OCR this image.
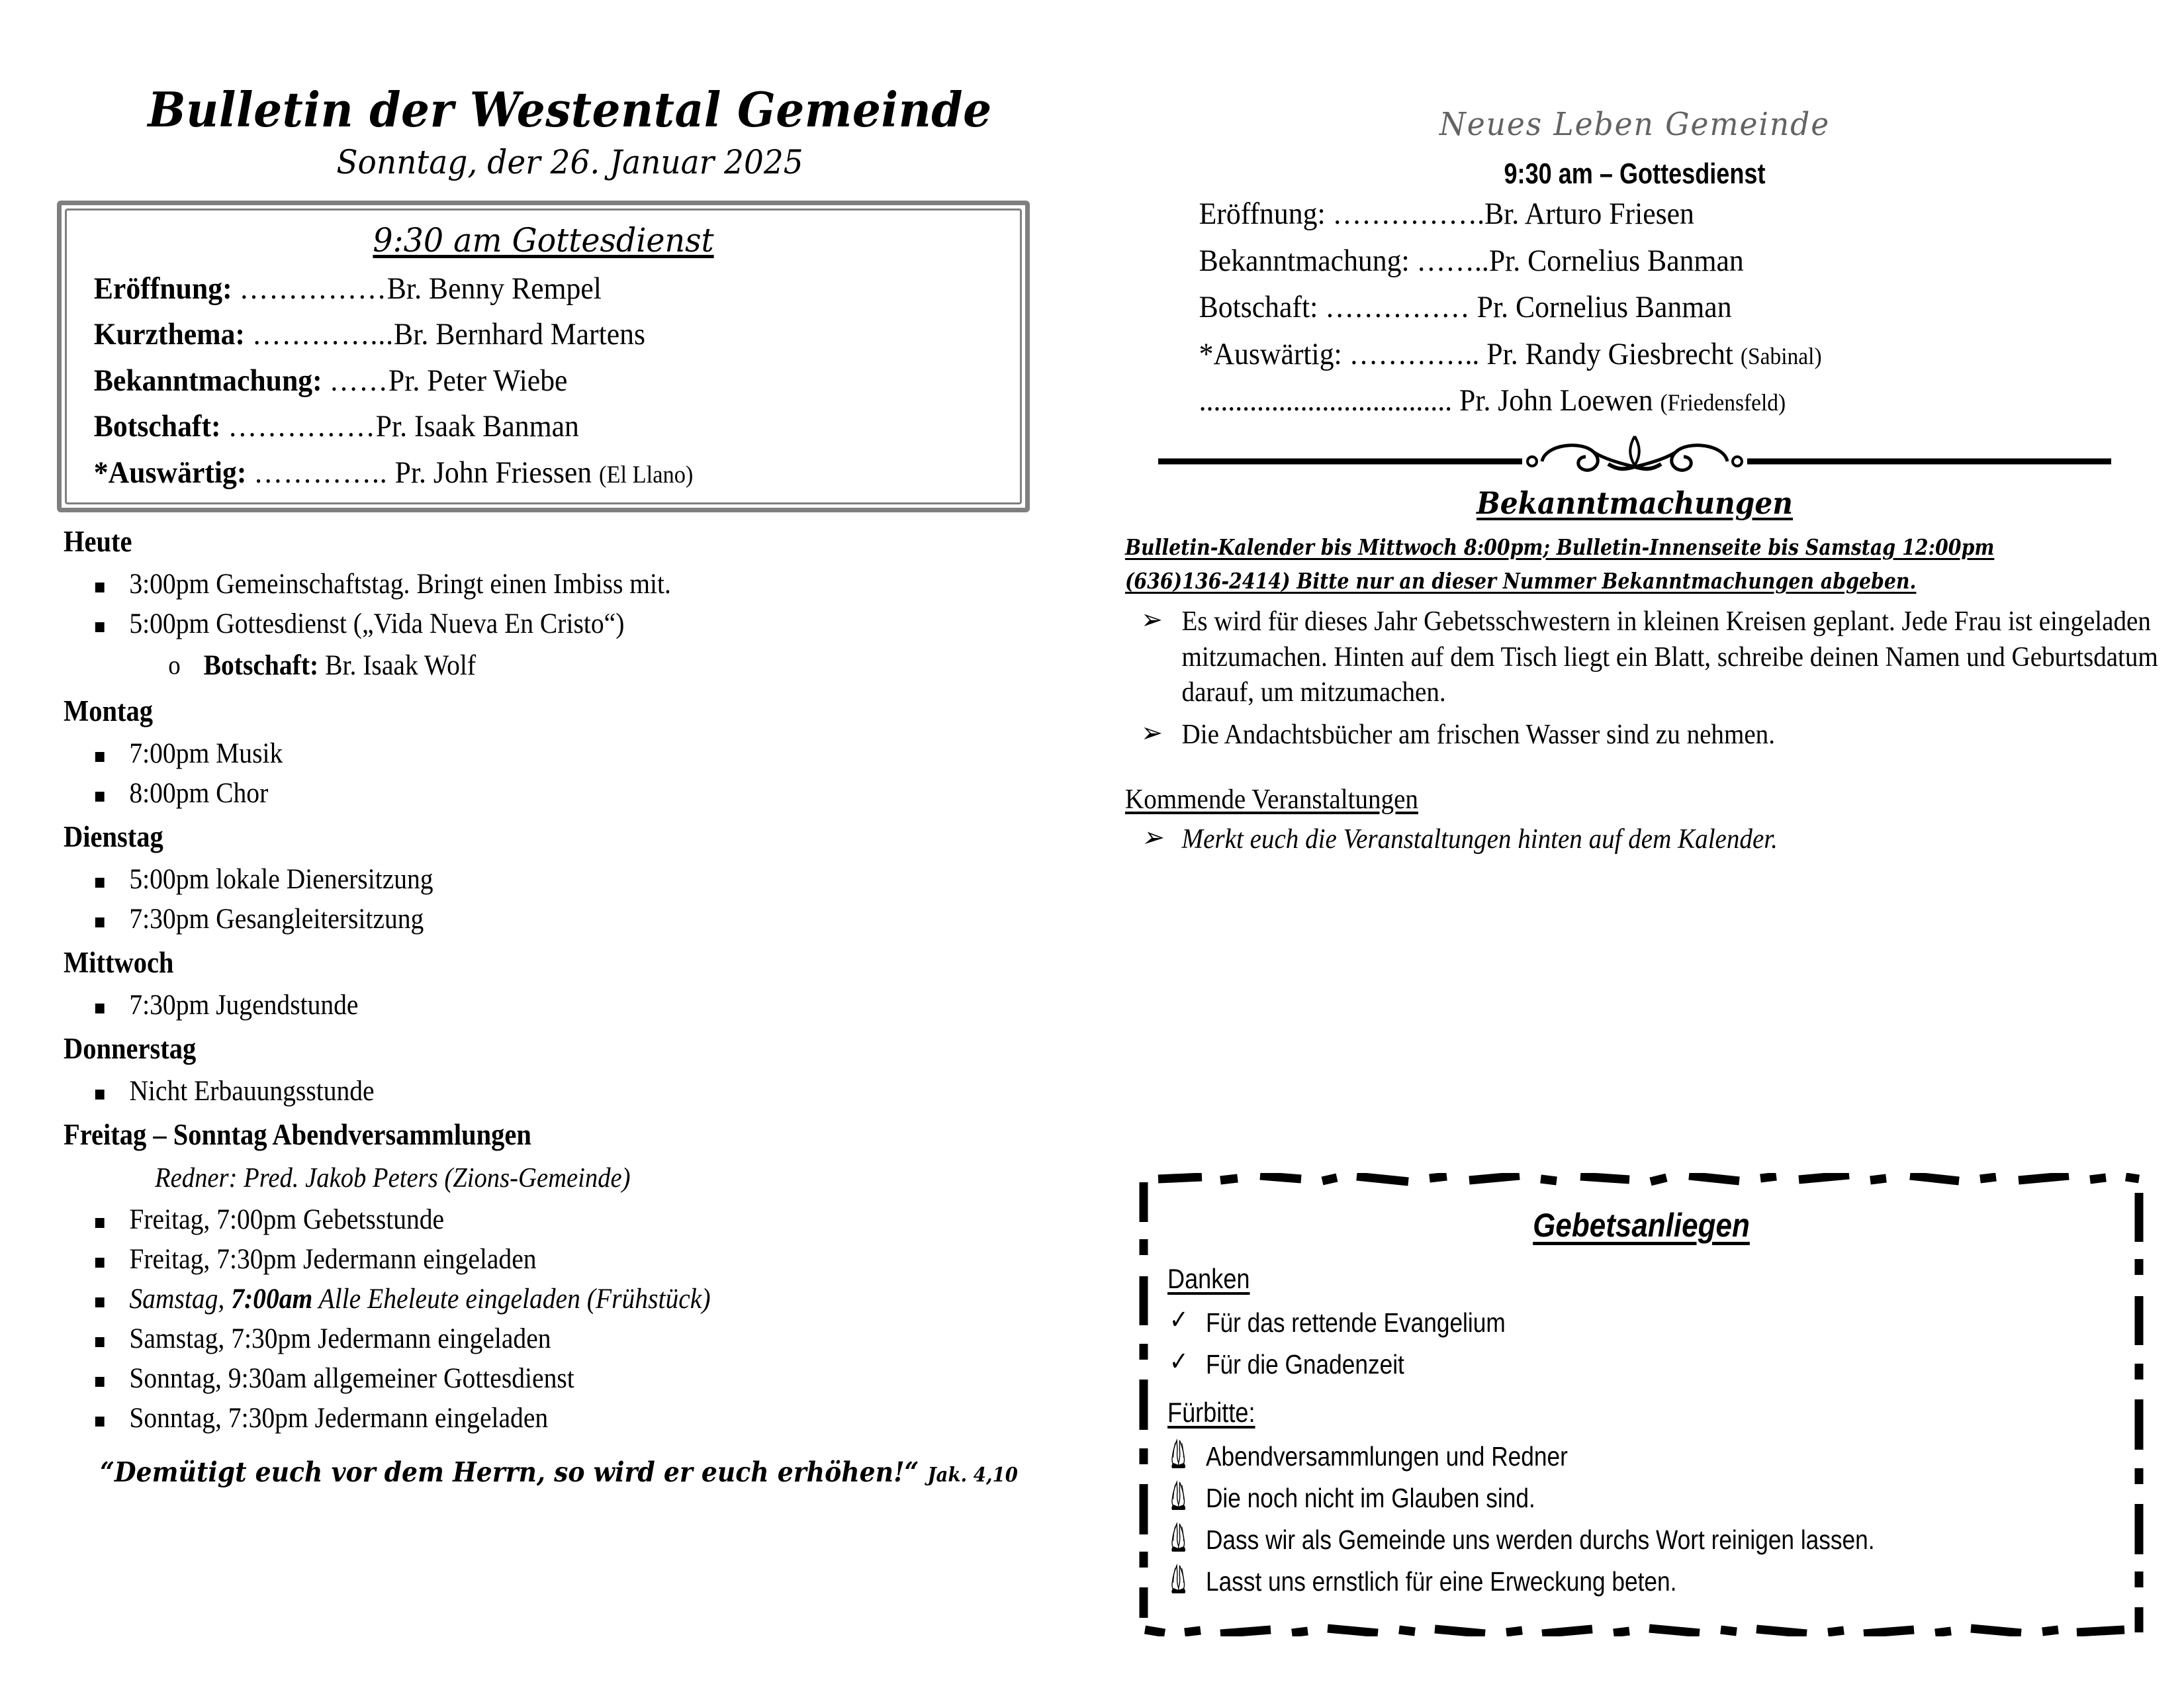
Bulletin der Westental Gemeinde
Sonntag, der 26. Januar 2025
9:30 am Gottesdienst
Eröffnung: ……………Br. Benny Rempel
Kurzthema: …………...Br. Bernhard Martens
Bekanntmachung: ……Pr. Peter Wiebe
Botschaft: ……………Pr. Isaak Banman
*Auswärtig: ………….. Pr. John Friessen (El Llano)
Heute
3:00pm Gemeinschaftstag. Bringt einen Imbiss mit.
5:00pm Gottesdienst („Vida Nueva En Cristo“)
o Botschaft: Br. Isaak Wolf
Montag
7:00pm Musik
8:00pm Chor
Dienstag
5:00pm lokale Dienersitzung
7:30pm Gesangleitersitzung
Mittwoch
7:30pm Jugendstunde
Donnerstag
Nicht Erbauungsstunde
Freitag – Sonntag Abendversammlungen
Redner: Pred. Jakob Peters (Zions-Gemeinde)
Freitag, 7:00pm Gebetsstunde
Freitag, 7:30pm Jedermann eingeladen
Samstag, 7:00am Alle Eheleute eingeladen (Frühstück)
Samstag, 7:30pm Jedermann eingeladen
Sonntag, 9:30am allgemeiner Gottesdienst
Sonntag, 7:30pm Jedermann eingeladen
“Demütigt euch vor dem Herrn, so wird er euch erhöhen!“ Jak. 4,10
Neues Leben Gemeinde
9:30 am – Gottesdienst
Eröffnung: …………….Br. Arturo Friesen
Bekanntmachung: ……..Pr. Cornelius Banman
Botschaft: …………… Pr. Cornelius Banman
*Auswärtig: ………….. Pr. Randy Giesbrecht (Sabinal)
................................... Pr. John Loewen (Friedensfeld)
Bekanntmachungen
Bulletin-Kalender bis Mittwoch 8:00pm; Bulletin-Innenseite bis Samstag 12:00pm
(636)136-2414) Bitte nur an dieser Nummer Bekanntmachungen abgeben.
➢ Es wird für dieses Jahr Gebetsschwestern in kleinen Kreisen geplant. Jede Frau ist eingeladen mitzumachen. Hinten auf dem Tisch liegt ein Blatt, schreibe deinen Namen und Geburtsdatum darauf, um mitzumachen.
➢ Die Andachtsbücher am frischen Wasser sind zu nehmen.
Kommende Veranstaltungen
➢ Merkt euch die Veranstaltungen hinten auf dem Kalender.
Gebetsanliegen
Danken
✓ Für das rettende Evangelium
✓ Für die Gnadenzeit
Fürbitte:
Abendversammlungen und Redner
Die noch nicht im Glauben sind.
Dass wir als Gemeinde uns werden durchs Wort reinigen lassen.
Lasst uns ernstlich für eine Erweckung beten.
